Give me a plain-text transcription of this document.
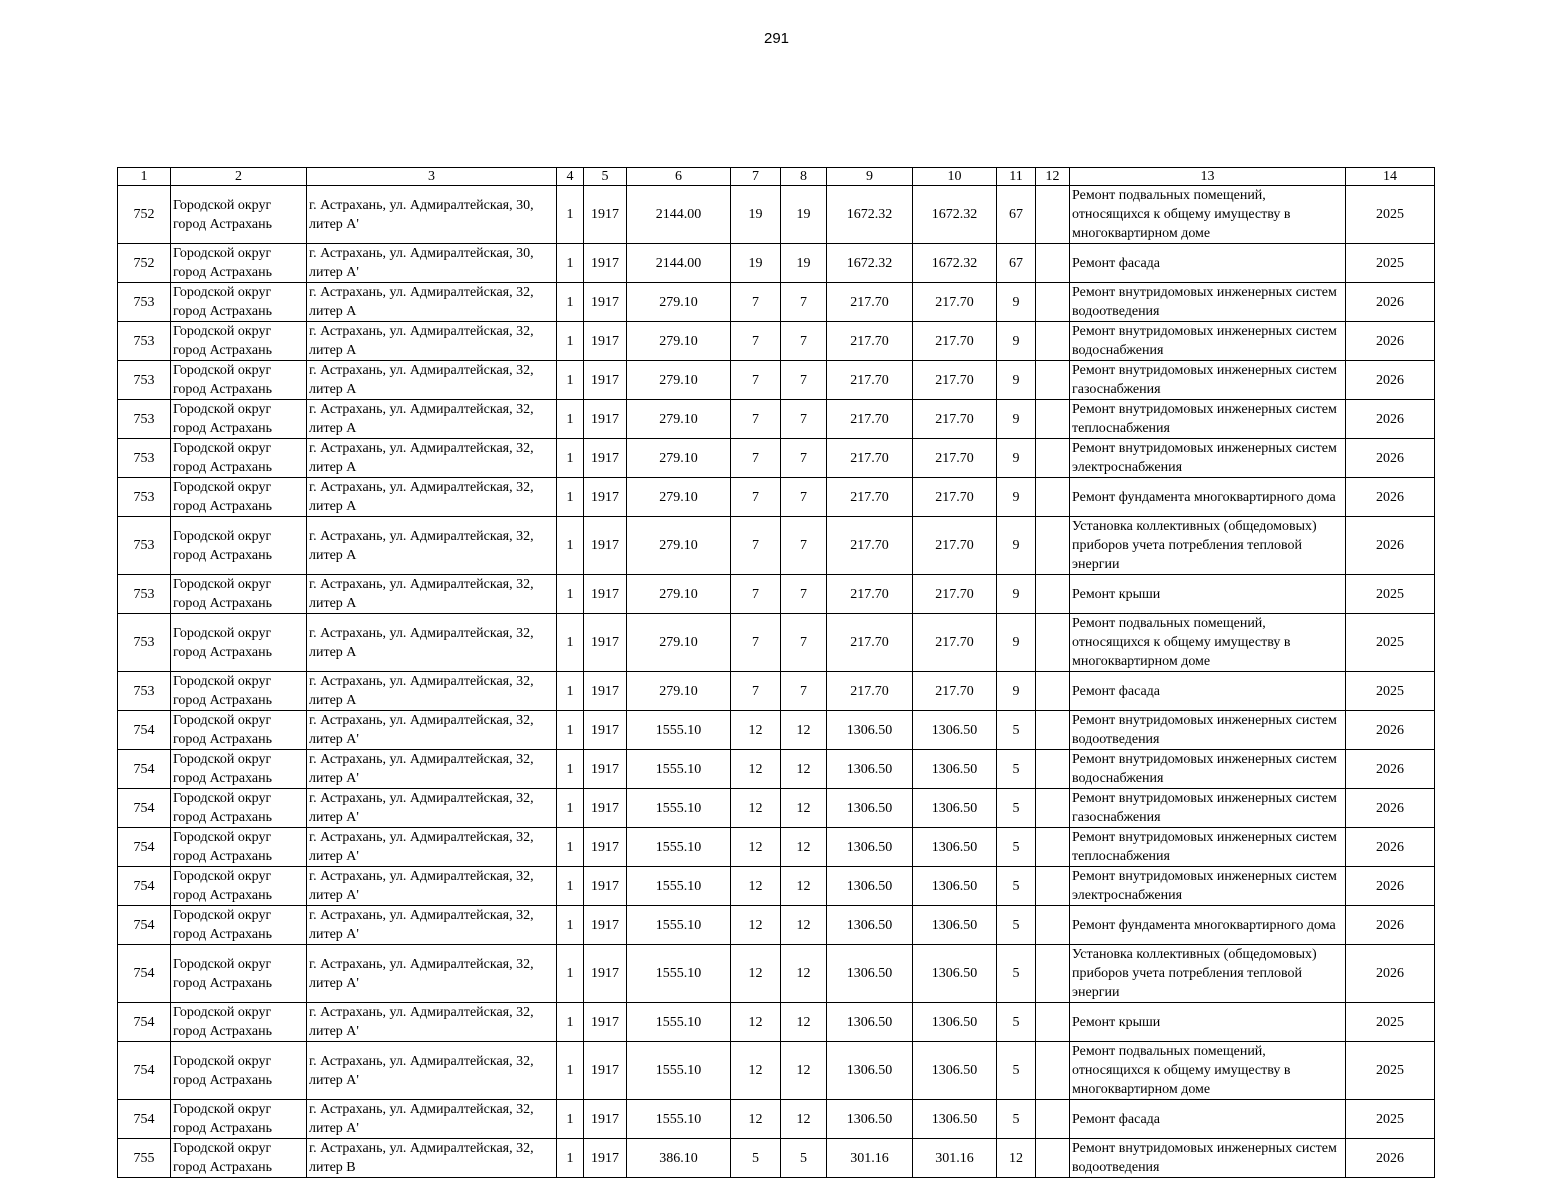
291
1	2	3	4	5	6	7	8	9	10	11	12	13	14
752	Городской округ город Астрахань	г. Астрахань, ул. Адмиралтейская, 30, литер А'	1	1917	2144.00	19	19	1672.32	1672.32	67		Ремонт подвальных помещений, относящихся к общему имуществу в многоквартирном доме	2025
752	Городской округ город Астрахань	г. Астрахань, ул. Адмиралтейская, 30, литер А'	1	1917	2144.00	19	19	1672.32	1672.32	67		Ремонт фасада	2025
753	Городской округ город Астрахань	г. Астрахань, ул. Адмиралтейская, 32, литер А	1	1917	279.10	7	7	217.70	217.70	9		Ремонт внутридомовых инженерных систем водоотведения	2026
753	Городской округ город Астрахань	г. Астрахань, ул. Адмиралтейская, 32, литер А	1	1917	279.10	7	7	217.70	217.70	9		Ремонт внутридомовых инженерных систем водоснабжения	2026
753	Городской округ город Астрахань	г. Астрахань, ул. Адмиралтейская, 32, литер А	1	1917	279.10	7	7	217.70	217.70	9		Ремонт внутридомовых инженерных систем газоснабжения	2026
753	Городской округ город Астрахань	г. Астрахань, ул. Адмиралтейская, 32, литер А	1	1917	279.10	7	7	217.70	217.70	9		Ремонт внутридомовых инженерных систем теплоснабжения	2026
753	Городской округ город Астрахань	г. Астрахань, ул. Адмиралтейская, 32, литер А	1	1917	279.10	7	7	217.70	217.70	9		Ремонт внутридомовых инженерных систем электроснабжения	2026
753	Городской округ город Астрахань	г. Астрахань, ул. Адмиралтейская, 32, литер А	1	1917	279.10	7	7	217.70	217.70	9		Ремонт фундамента многоквартирного дома	2026
753	Городской округ город Астрахань	г. Астрахань, ул. Адмиралтейская, 32, литер А	1	1917	279.10	7	7	217.70	217.70	9		Установка коллективных (общедомовых) приборов учета потребления тепловой энергии	2026
753	Городской округ город Астрахань	г. Астрахань, ул. Адмиралтейская, 32, литер А	1	1917	279.10	7	7	217.70	217.70	9		Ремонт крыши	2025
753	Городской округ город Астрахань	г. Астрахань, ул. Адмиралтейская, 32, литер А	1	1917	279.10	7	7	217.70	217.70	9		Ремонт подвальных помещений, относящихся к общему имуществу в многоквартирном доме	2025
753	Городской округ город Астрахань	г. Астрахань, ул. Адмиралтейская, 32, литер А	1	1917	279.10	7	7	217.70	217.70	9		Ремонт фасада	2025
754	Городской округ город Астрахань	г. Астрахань, ул. Адмиралтейская, 32, литер А'	1	1917	1555.10	12	12	1306.50	1306.50	5		Ремонт внутридомовых инженерных систем водоотведения	2026
754	Городской округ город Астрахань	г. Астрахань, ул. Адмиралтейская, 32, литер А'	1	1917	1555.10	12	12	1306.50	1306.50	5		Ремонт внутридомовых инженерных систем водоснабжения	2026
754	Городской округ город Астрахань	г. Астрахань, ул. Адмиралтейская, 32, литер А'	1	1917	1555.10	12	12	1306.50	1306.50	5		Ремонт внутридомовых инженерных систем газоснабжения	2026
754	Городской округ город Астрахань	г. Астрахань, ул. Адмиралтейская, 32, литер А'	1	1917	1555.10	12	12	1306.50	1306.50	5		Ремонт внутридомовых инженерных систем теплоснабжения	2026
754	Городской округ город Астрахань	г. Астрахань, ул. Адмиралтейская, 32, литер А'	1	1917	1555.10	12	12	1306.50	1306.50	5		Ремонт внутридомовых инженерных систем электроснабжения	2026
754	Городской округ город Астрахань	г. Астрахань, ул. Адмиралтейская, 32, литер А'	1	1917	1555.10	12	12	1306.50	1306.50	5		Ремонт фундамента многоквартирного дома	2026
754	Городской округ город Астрахань	г. Астрахань, ул. Адмиралтейская, 32, литер А'	1	1917	1555.10	12	12	1306.50	1306.50	5		Установка коллективных (общедомовых) приборов учета потребления тепловой энергии	2026
754	Городской округ город Астрахань	г. Астрахань, ул. Адмиралтейская, 32, литер А'	1	1917	1555.10	12	12	1306.50	1306.50	5		Ремонт крыши	2025
754	Городской округ город Астрахань	г. Астрахань, ул. Адмиралтейская, 32, литер А'	1	1917	1555.10	12	12	1306.50	1306.50	5		Ремонт подвальных помещений, относящихся к общему имуществу в многоквартирном доме	2025
754	Городской округ город Астрахань	г. Астрахань, ул. Адмиралтейская, 32, литер А'	1	1917	1555.10	12	12	1306.50	1306.50	5		Ремонт фасада	2025
755	Городской округ город Астрахань	г. Астрахань, ул. Адмиралтейская, 32, литер В	1	1917	386.10	5	5	301.16	301.16	12		Ремонт внутридомовых инженерных систем водоотведения	2026
